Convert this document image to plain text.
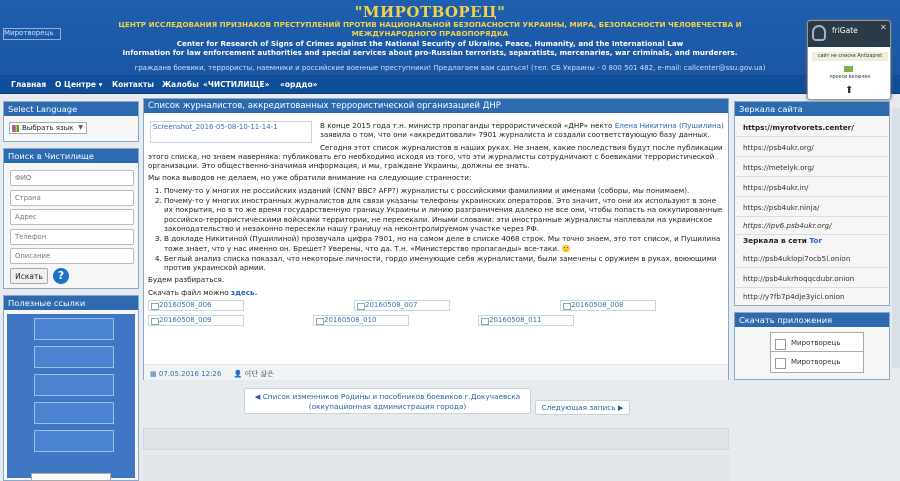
Миротворець
"МИРОТВОРЕЦ"
ЦЕНТР ИССЛЕДОВАНИЯ ПРИЗНАКОВ ПРЕСТУПЛЕНИЙ ПРОТИВ НАЦИОНАЛЬНОЙ БЕЗОПАСНОСТИ УКРАИНЫ, МИРА, БЕЗОПАСНОСТИ ЧЕЛОВЕЧЕСТВА И МЕЖДУНАРОДНОГО ПРАВОПОРЯДКА
Center for Research of Signs of Crimes against the National Security of Ukraine, Peace, Humanity, and the International Law
Information for law enforcement authorities and special services about pro-Russian terrorists, separatists, mercenaries, war criminals, and murderers.
гражданв боевики, террористы, наемники и российские военные преступники! Предлагаем вам сдаться! (тел. СБ Украины - 0 800 501 482, e-mail: callcenter@ssu.gov.ua)
Главная О Центре ▾ Контакты Жалобы «ЧИСТИЛИЩЕ» «орддо»
friGate	✕
сайт не списке Antizapret
прокси включен
⬆
Select Language
Выбрать язык ▼
Поиск в Чистилище
ФИО
Страна
Адрес
Телефон
Описание
Искать	?
Полезные ссылки
Список журналистов, аккредитованных террористической организацией ДНР
Screenshot_2016-05-08-10-11-14-1	В конце 2015 года т.н. министр пропаганды террористической «ДНР» некто Елена Никитина (Пушилина) заявила о том, что они «аккредитовали» 7901 журналиста и создали соответствующую базу данных.

Сегодня этот список журналистов в наших руках. Не знаем, какие последствия будут после публикации этого списка, но знаем наверняка: публиковать его необходимо исходя из того, что эти журналисты сотрудничают с боевиками террористической организации. Это общественно-значимая информация, и мы, граждане Украины, должны ее знать.

Мы пока выводов не делаем, но уже обратили внимание на следующие странности:

1. Почему-то у многих не российских изданий (CNN? BBC? AFP?) журналисты с российскими фамилиями и именами (соборы, мы понимаем).
2. Почему-то у многих иностранных журналистов для связи указаны телефоны украинских операторов. Это значит, что они их используют в зоне их покрытия, но в то же время государственную границу Украины и линию разграничения далеко не все они, чтобы попасть на оккупированные российско-террористическими войсками территории, не пересекали. Иными словами: эти иностранные журналисты наплевали на украинское законодательство и незаконно пересекли нашу границу на неконтролируемом участке через РФ.
3. В докладе Никитиной (Пушилиной) прозвучала цифра 7901, но на самом деле в списке 4068 строк. Мы точно знаем, это тот список, и Пушилина тоже знает, что у нас именно он. Брешет? Уверены, что да. Т.н. «Министерство пропаганды» все-таки. 🙂
4. Беглый анализ списка показал, что некоторые личности, гордо именующие себя журналистами, были замечены с оружием в руках, воюющими против украинской армии.

Будем разбираться.

Скачать файл можно здесь.

20160508_006	20160508_007	20160508_008
20160508_009	20160508_010	20160508_011
▦ 07.05.2016 12:26 👤 이단 삶은
◀ Список изменников Родины и пособников боевиков г.Докучаевска (оккупационная администрация города)	Следующая запись ▶
Зеркала сайта
https://myrotvorets.center/
https://psb4ukr.org/
https://metelyk.org/
https://psb4ukr.in/
https://psb4ukr.ninja/
https://ipv6.psb4ukr.org/
Зеркала в сети Tor
http://psb4uklopi7ocb5l.onion
http://psb4ukrhoqqcdubr.onion
http://y7fb7p4dje3yici.onion
Скачать приложения
Миротворець
Миротворець
